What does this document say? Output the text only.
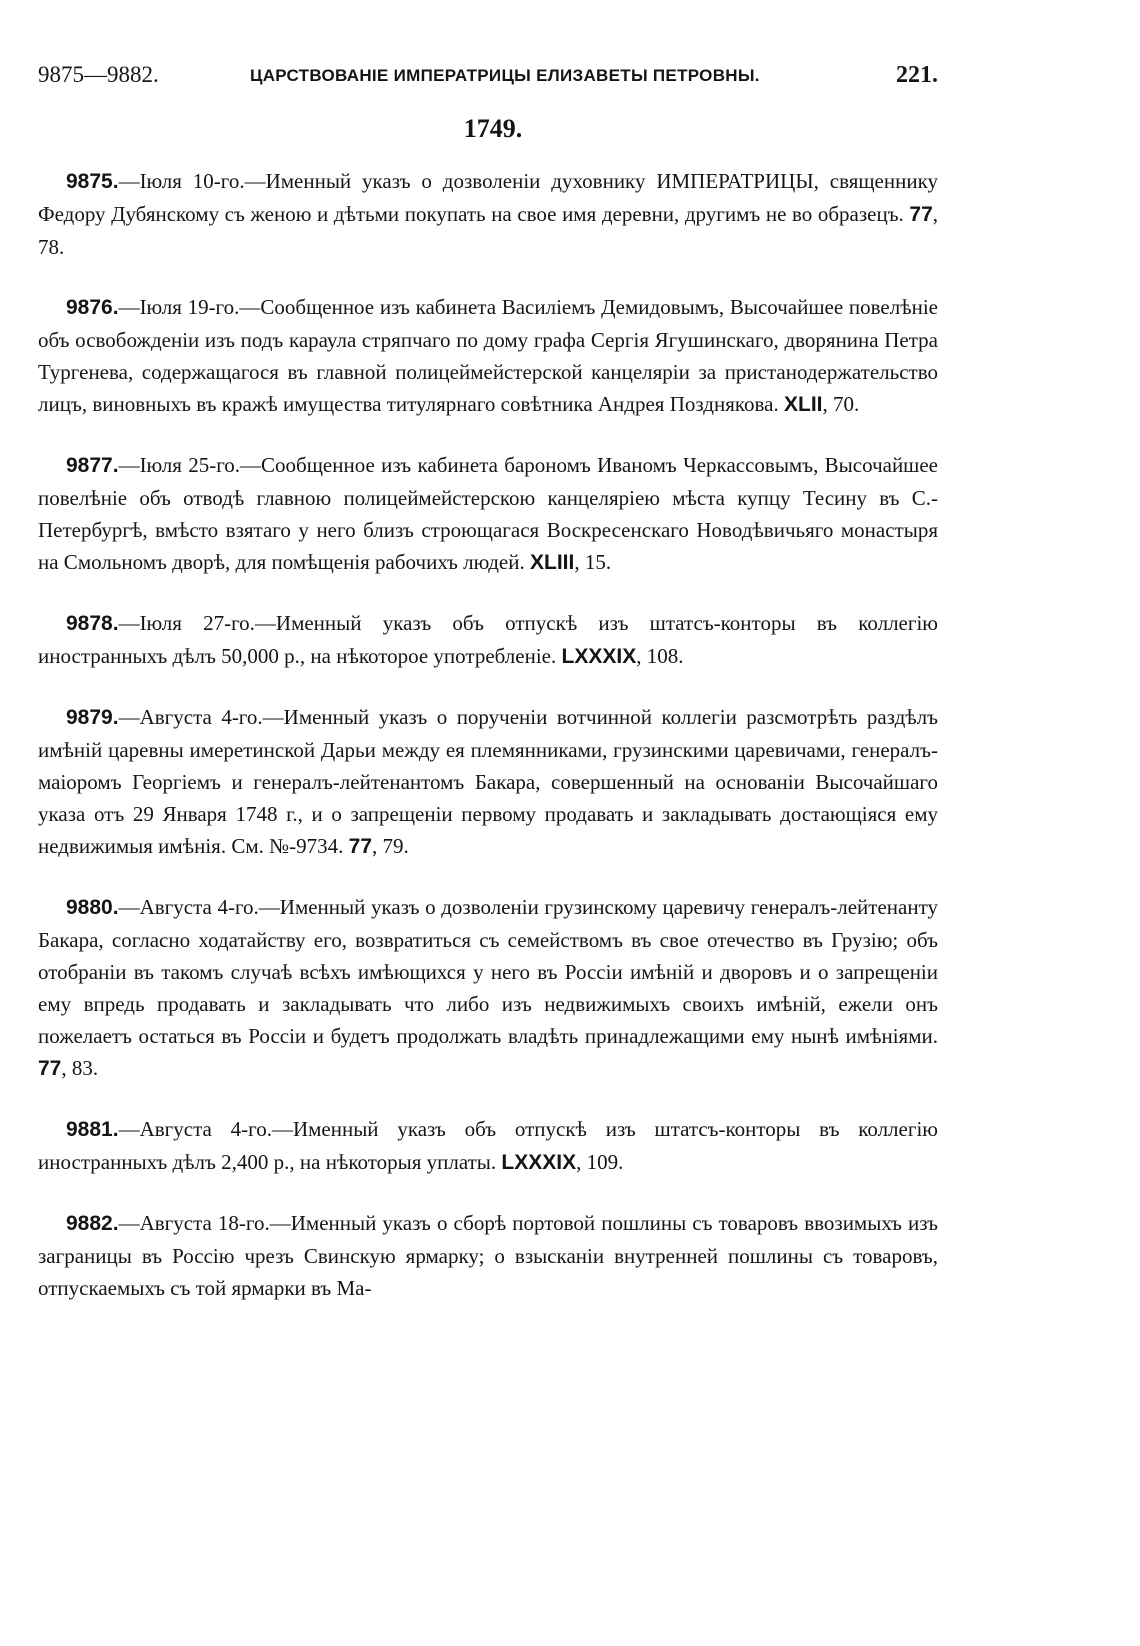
9875—9882.	ЦАРСТВОВАНІЕ ИМПЕРАТРИЦЫ ЕЛИЗАВЕТЫ ПЕТРОВНЫ.	221.
1749.

9875.—Іюля 10-го.—Именный указъ о дозволеніи духовнику ИМПЕРАТРИЦЫ, священнику Федору Дубянскому съ женою и дѣтьми покупать на свое имя деревни, другимъ не во образецъ. 77, 78.

9876.—Іюля 19-го.—Сообщенное изъ кабинета Василіемъ Демидовымъ, Высочайшее повелѣніе объ освобожденіи изъ подъ караула стряпчаго по дому графа Сергія Ягушинскаго, дворянина Петра Тургенева, содержащагося въ главной полицеймейстерской канцеляріи за пристанодержательство лицъ, виновныхъ въ кражѣ имущества титулярнаго совѣтника Андрея Позднякова. XLII, 70.

9877.—Іюля 25-го.—Сообщенное изъ кабинета барономъ Иваномъ Черкассовымъ, Высочайшее повелѣніе объ отводѣ главною полицеймейстерскою канцеляріею мѣста купцу Тесину въ С.-Петербургѣ, вмѣсто взятаго у него близъ строющагася Воскресенскаго Новодѣвичьяго монастыря на Смольномъ дворѣ, для помѣщенія рабочихъ людей. XLIII, 15.

9878.—Іюля 27-го.—Именный указъ объ отпускѣ изъ штатсъ-конторы въ коллегію иностранныхъ дѣлъ 50,000 р., на нѣкоторое употребленіе. LXXXIX, 108.

9879.—Августа 4-го.—Именный указъ о порученіи вотчинной коллегіи разсмотрѣть раздѣлъ имѣній царевны имеретинской Дарьи между ея племянниками, грузинскими царевичами, генералъ-маіоромъ Георгіемъ и генералъ-лейтенантомъ Бакара, совершенный на основаніи Высочайшаго указа отъ 29 Января 1748 г., и о запрещеніи первому продавать и закладывать достающіяся ему недвижимыя имѣнія. См. №-9734. 77, 79.

9880.—Августа 4-го.—Именный указъ о дозволеніи грузинскому царевичу генералъ-лейтенанту Бакара, согласно ходатайству его, возвратиться съ семействомъ въ свое отечество въ Грузію; объ отобраніи въ такомъ случаѣ всѣхъ имѣющихся у него въ Россіи имѣній и дворовъ и о запрещеніи ему впредь продавать и закладывать что либо изъ недвижимыхъ своихъ имѣній, ежели онъ пожелаетъ остаться въ Россіи и будетъ продолжать владѣть принадлежащими ему нынѣ имѣніями. 77, 83.

9881.—Августа 4-го.—Именный указъ объ отпускѣ изъ штатсъ-конторы въ коллегію иностранныхъ дѣлъ 2,400 р., на нѣкоторыя уплаты. LXXXIX, 109.

9882.—Августа 18-го.—Именный указъ о сборѣ портовой пошлины съ товаровъ ввозимыхъ изъ заграницы въ Россію чрезъ Свинскую ярмарку; о взысканіи внутренней пошлины съ товаровъ, отпускаемыхъ съ той ярмарки въ Ма-
